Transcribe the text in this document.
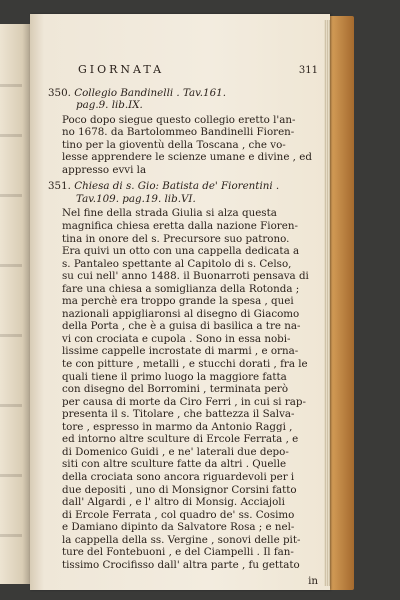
GIORNATA	311

350. Collegio Bandinelli . Tav.161.
pag.9. lib.IX.

Poco dopo siegue questo collegio eretto l'an-
no 1678. da Bartolommeo Bandinelli Fioren-
tino per la gioventù della Toscana , che vo-
lesse apprendere le scienze umane e divine , ed
appresso evvi la

351. Chiesa di s. Gio: Batista de' Fiorentini .
Tav.109. pag.19. lib.VI.

Nel fine della strada Giulia si alza questa
magnifica chiesa eretta dalla nazione Fioren-
tina in onore del s. Precursore suo patrono.
Era quivi un otto con una cappella dedicata a
s. Pantaleo spettante al Capitolo di s. Celso,
su cui nell' anno 1488. il Buonarroti pensava di
fare una chiesa a somiglianza della Rotonda ;
ma perchè era troppo grande la spesa , quei
nazionali appigliaronsi al disegno di Giacomo
della Porta , che è a guisa di basilica a tre na-
vi con crociata e cupola . Sono in essa nobi-
lissime cappelle incrostate di marmi , e orna-
te con pitture , metalli , e stucchi dorati , fra le
quali tiene il primo luogo la maggiore fatta
con disegno del Borromini , terminata però
per causa di morte da Ciro Ferri , in cui si rap-
presenta il s. Titolare , che battezza il Salva-
tore , espresso in marmo da Antonio Raggi ,
ed intorno altre sculture di Ercole Ferrata , e
di Domenico Guidi , e ne' laterali due depo-
siti con altre sculture fatte da altri . Quelle
della crociata sono ancora riguardevoli per i
due depositi , uno di Monsignor Corsini fatto
dall' Algardi , e l' altro di Monsig. Acciajoli
di Ercole Ferrata , col quadro de' ss. Cosimo
e Damiano dipinto da Salvatore Rosa ; e nel-
la cappella della ss. Vergine , sonovi delle pit-
ture del Fontebuoni , e del Ciampelli . Il fan-
tissimo Crocifisso dall' altra parte , fu gettato
in
